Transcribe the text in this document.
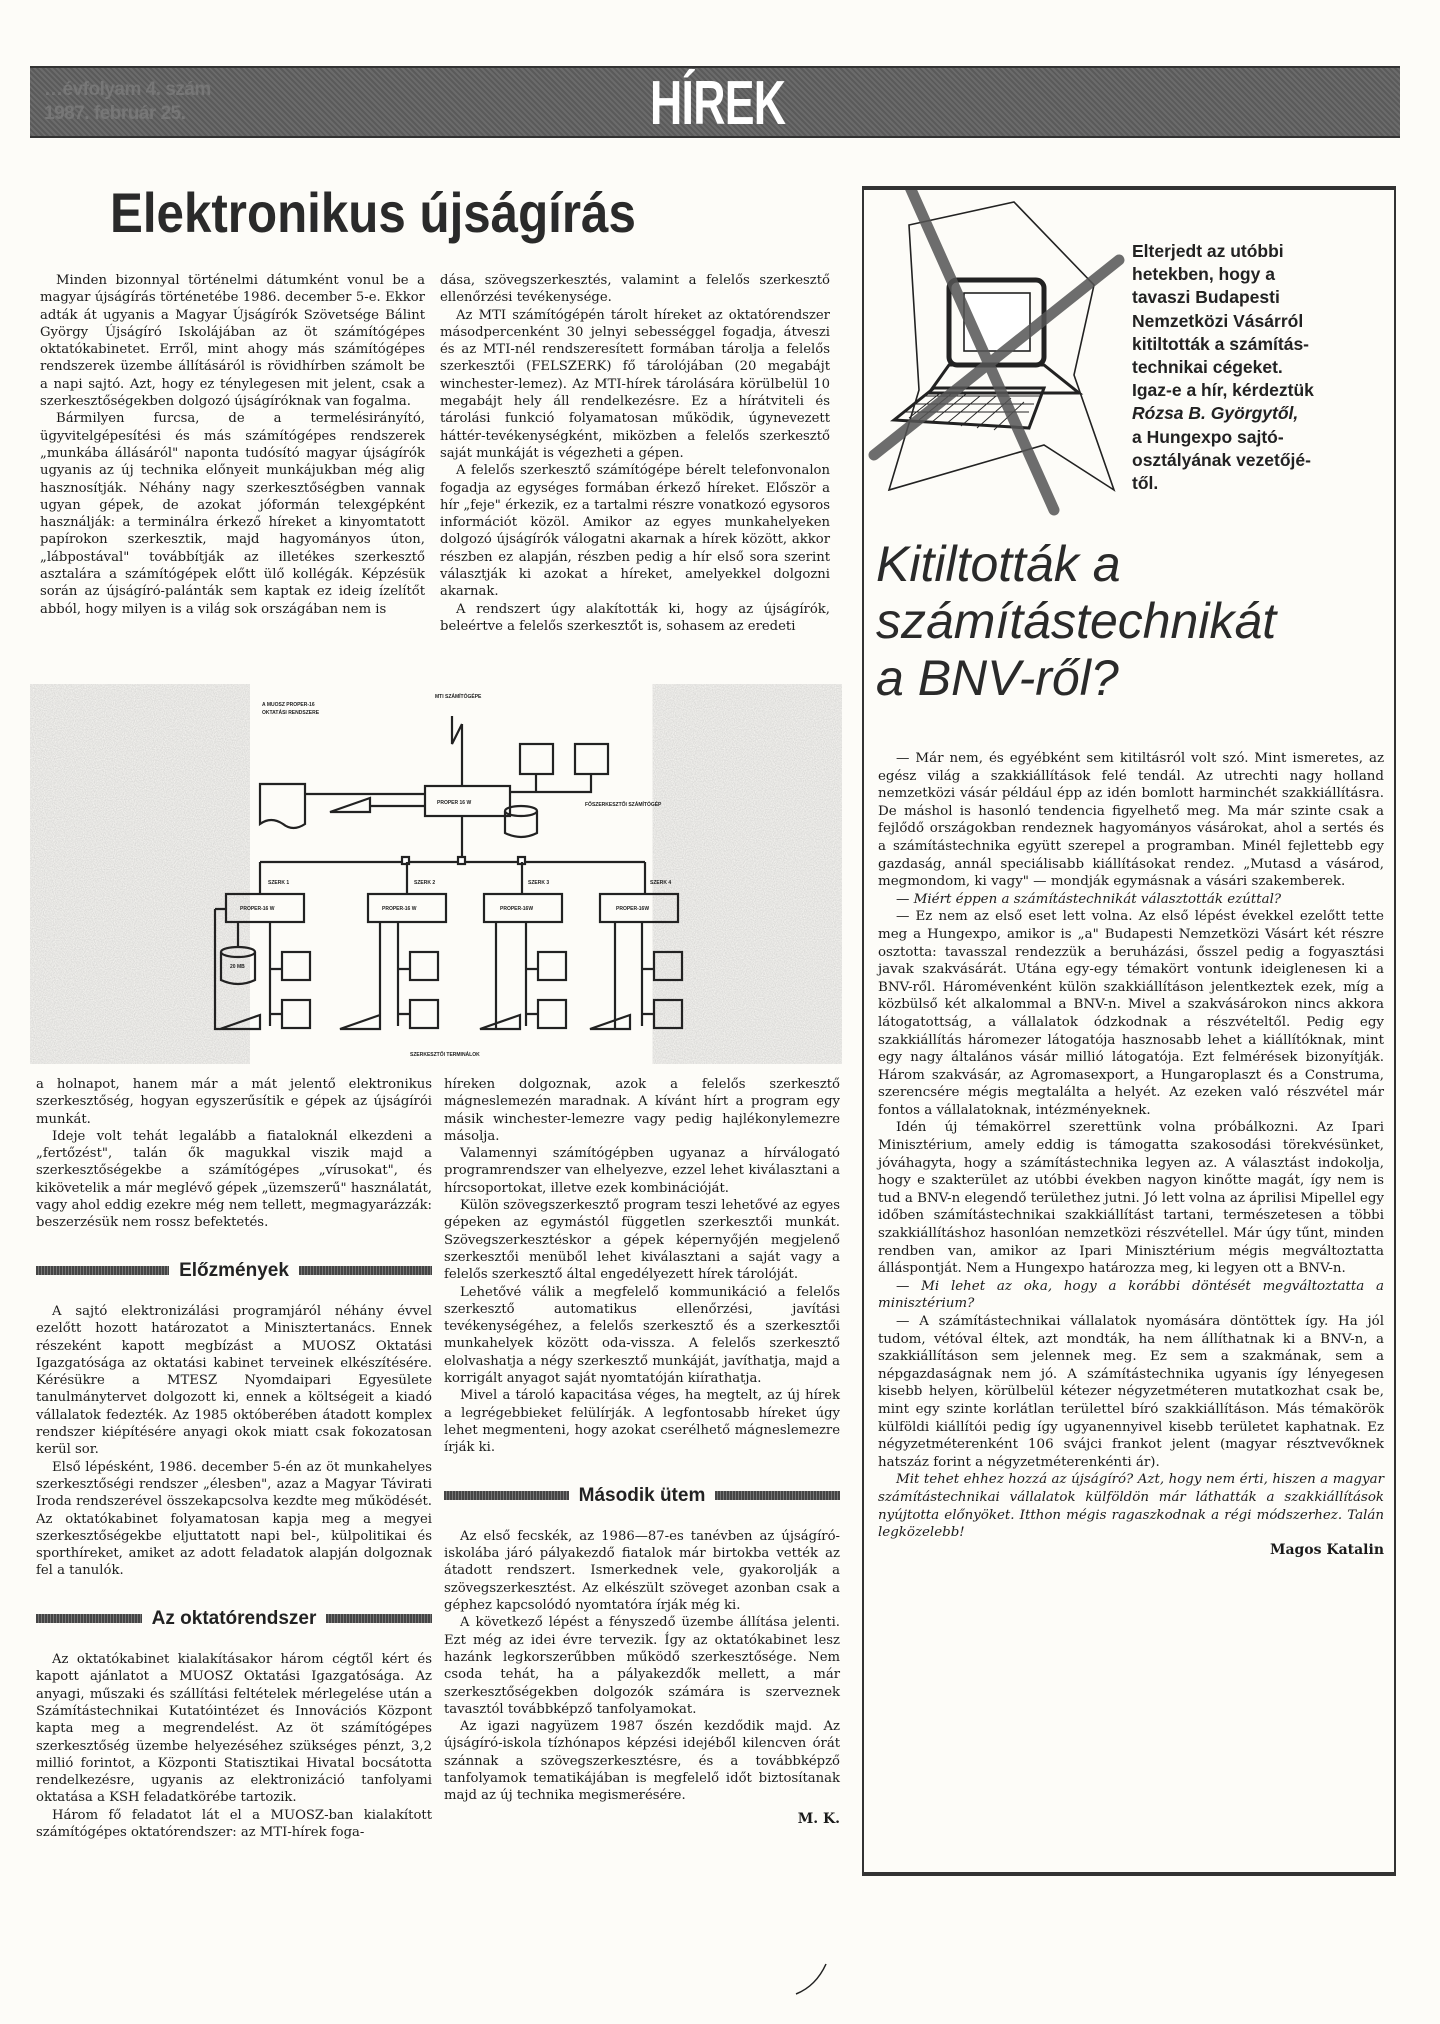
…évfolyam 4. szám
1987. február 25.	HÍREK
Elektronikus újságírás

Minden bizonnyal történelmi dátumként vonul be a magyar újságírás történetébe 1986. december 5-e. Ekkor adták át ugyanis a Magyar Újságírók Szövetsége Bálint György Újságíró Iskolájában az öt számítógépes oktatókabinetet. Erről, mint ahogy más számítógépes rendszerek üzembe állításáról is rövidhírben számolt be a napi sajtó. Azt, hogy ez ténylegesen mit jelent, csak a szerkesztőségekben dolgozó újságíróknak van fogalma.

Bármilyen furcsa, de a termelésirányító, ügyvitelgépesítési és más számítógépes rendszerek „munkába állásáról" naponta tudósító magyar újságírók ugyanis az új technika előnyeit munkájukban még alig hasznosítják. Néhány nagy szerkesztőségben vannak ugyan gépek, de azokat jóformán telexgépként használják: a terminálra érkező híreket a kinyomtatott papírokon szerkesztik, majd hagyományos úton, „lábpostával" továbbítják az illetékes szerkesztő asztalára a számítógépek előtt ülő kollégák. Képzésük során az újságíró-palánták sem kaptak ez ideig ízelítőt abból, hogy milyen is a világ sok országában nem is

dása, szövegszerkesztés, valamint a felelős szerkesztő ellenőrzési tevékenysége.

Az MTI számítógépén tárolt híreket az oktatórendszer másodpercenként 30 jelnyi sebességgel fogadja, átveszi és az MTI-nél rendszeresített formában tárolja a felelős szerkesztői (FELSZERK) fő tárolójában (20 megabájt winchester-lemez). Az MTI-hírek tárolására körülbelül 10 megabájt hely áll rendelkezésre. Ez a hírátviteli és tárolási funkció folyamatosan működik, úgynevezett háttér-tevékenységként, miközben a felelős szerkesztő saját munkáját is végezheti a gépen.

A felelős szerkesztő számítógépe bérelt telefonvonalon fogadja az egységes formában érkező híreket. Először a hír „feje" érkezik, ez a tartalmi részre vonatkozó egysoros információt közöl. Amikor az egyes munkahelyeken dolgozó újságírók válogatni akarnak a hírek között, akkor részben ez alapján, részben pedig a hír első sora szerint választják ki azokat a híreket, amelyekkel dolgozni akarnak.

A rendszert úgy alakították ki, hogy az újságírók, beleértve a felelős szerkesztőt is, sohasem az eredeti

A MUOSZ PROPER-16
OKTATÁSI RENDSZERE
MTI SZÁMÍTÓGÉPE
PROPER 16 W	FŐSZERKESZTŐI SZÁMÍTÓGÉP
SZERK 1	SZERK 2	SZERK 3	SZERK 4
PROPER-16 W	PROPER-16 W	PROPER-16W	PROPER-16W
20 MB
SZERKESZTŐI TERMINÁLOK

a holnapot, hanem már a mát jelentő elektronikus szerkesztőség, hogyan egyszerűsítik e gépek az újságírói munkát.

Ideje volt tehát legalább a fiataloknál elkezdeni a „fertőzést", talán ők magukkal viszik majd a szerkesztőségekbe a számítógépes „vírusokat", és kikövetelik a már meglévő gépek „üzemszerű" használatát, vagy ahol eddig ezekre még nem tellett, megmagyarázzák: beszerzésük nem rossz befektetés.

Előzmények

A sajtó elektronizálási programjáról néhány évvel ezelőtt hozott határozatot a Minisztertanács. Ennek részeként kapott megbízást a MUOSZ Oktatási Igazgatósága az oktatási kabinet terveinek elkészítésére. Kérésükre a MTESZ Nyomdaipari Egyesülete tanulmánytervet dolgozott ki, ennek a költségeit a kiadó vállalatok fedezték. Az 1985 októberében átadott komplex rendszer kiépítésére anyagi okok miatt csak fokozatosan kerül sor.

Első lépésként, 1986. december 5-én az öt munkahelyes szerkesztőségi rendszer „élesben", azaz a Magyar Távirati Iroda rendszerével összekapcsolva kezdte meg működését. Az oktatókabinet folyamatosan kapja meg a megyei szerkesztőségekbe eljuttatott napi bel-, külpolitikai és sporthíreket, amiket az adott feladatok alapján dolgoznak fel a tanulók.

Az oktatórendszer

Az oktatókabinet kialakításakor három cégtől kért és kapott ajánlatot a MUOSZ Oktatási Igazgatósága. Az anyagi, műszaki és szállítási feltételek mérlegelése után a Számítástechnikai Kutatóintézet és Innovációs Központ kapta meg a megrendelést. Az öt számítógépes szerkesztőség üzembe helyezéséhez szükséges pénzt, 3,2 millió forintot, a Központi Statisztikai Hivatal bocsátotta rendelkezésre, ugyanis az elektronizáció tanfolyami oktatása a KSH feladatkörébe tartozik.

Három fő feladatot lát el a MUOSZ-ban kialakított számítógépes oktatórendszer: az MTI-hírek foga-

híreken dolgoznak, azok a felelős szerkesztő mágneslemezén maradnak. A kívánt hírt a program egy másik winchester-lemezre vagy pedig hajlékonylemezre másolja.

Valamennyi számítógépben ugyanaz a hírválogató programrendszer van elhelyezve, ezzel lehet kiválasztani a hírcsoportokat, illetve ezek kombinációját.

Külön szövegszerkesztő program teszi lehetővé az egyes gépeken az egymástól független szerkesztői munkát. Szövegszerkesztéskor a gépek képernyőjén megjelenő szerkesztői menüből lehet kiválasztani a saját vagy a felelős szerkesztő által engedélyezett hírek tárolóját.

Lehetővé válik a megfelelő kommunikáció a felelős szerkesztő automatikus ellenőrzési, javítási tevékenységéhez, a felelős szerkesztő és a szerkesztői munkahelyek között oda-vissza. A felelős szerkesztő elolvashatja a négy szerkesztő munkáját, javíthatja, majd a korrigált anyagot saját nyomtatóján kiírathatja.

Mivel a tároló kapacitása véges, ha megtelt, az új hírek a legrégebbieket felülírják. A legfontosabb híreket úgy lehet megmenteni, hogy azokat cserélhető mágneslemezre írják ki.

Második ütem

Az első fecskék, az 1986—87-es tanévben az újságíró-iskolába járó pályakezdő fiatalok már birtokba vették az átadott rendszert. Ismerkednek vele, gyakorolják a szövegszerkesztést. Az elkészült szöveget azonban csak a géphez kapcsolódó nyomtatóra írják még ki.

A következő lépést a fényszedő üzembe állítása jelenti. Ezt még az idei évre tervezik. Így az oktatókabinet lesz hazánk legkorszerűbben működő szerkesztősége. Nem csoda tehát, ha a pályakezdők mellett, a már szerkesztőségekben dolgozók számára is szerveznek tavasztól továbbképző tanfolyamokat.

Az igazi nagyüzem 1987 őszén kezdődik majd. Az újságíró-iskola tízhónapos képzési idejéből kilencven órát szánnak a szövegszerkesztésre, és a továbbképző tanfolyamok tematikájában is megfelelő időt biztosítanak majd az új technika megismerésére.

M. K.
Elterjedt az utóbbi
hetekben, hogy a
tavaszi Budapesti
Nemzetközi Vásárról
kitiltották a számítás-
technikai cégeket.
Igaz-e a hír, kérdeztük
Rózsa B. Györgytől,
a Hungexpo sajtó-
osztályának vezetőjé-
től.
Kitiltották a
számítástechnikát
a BNV-ről?

— Már nem, és egyébként sem kitiltásról volt szó. Mint ismeretes, az egész világ a szakkiállítások felé tendál. Az utrechti nagy holland nemzetközi vásár például épp az idén bomlott harminchét szakkiállításra. De máshol is hasonló tendencia figyelhető meg. Ma már szinte csak a fejlődő országokban rendeznek hagyományos vásárokat, ahol a sertés és a számítástechnika együtt szerepel a programban. Minél fejlettebb egy gazdaság, annál speciálisabb kiállításokat rendez. „Mutasd a vásárod, megmondom, ki vagy" — mondják egymásnak a vásári szakemberek.

— Miért éppen a számítástechnikát választották ezúttal?

— Ez nem az első eset lett volna. Az első lépést évekkel ezelőtt tette meg a Hungexpo, amikor is „a" Budapesti Nemzetközi Vásárt két részre osztotta: tavasszal rendezzük a beruházási, ősszel pedig a fogyasztási javak szakvásárát. Utána egy-egy témakört vontunk ideiglenesen ki a BNV-ről. Háromévenként külön szakkiállításon jelentkeztek ezek, míg a közbülső két alkalommal a BNV-n. Mivel a szakvásárokon nincs akkora látogatottság, a vállalatok ódzkodnak a részvételtől. Pedig egy szakkiállítás háromezer látogatója hasznosabb lehet a kiállítóknak, mint egy nagy általános vásár millió látogatója. Ezt felmérések bizonyítják. Három szakvásár, az Agromasexport, a Hungaroplaszt és a Construma, szerencsére mégis megtalálta a helyét. Az ezeken való részvétel már fontos a vállalatoknak, intézményeknek.

Idén új témakörrel szerettünk volna próbálkozni. Az Ipari Minisztérium, amely eddig is támogatta szakosodási törekvésünket, jóváhagyta, hogy a számítástechnika legyen az. A választást indokolja, hogy e szakterület az utóbbi években nagyon kinőtte magát, így nem is tud a BNV-n elegendő területhez jutni. Jó lett volna az áprilisi Mipellel egy időben számítástechnikai szakkiállítást tartani, természetesen a többi szakkiállításhoz hasonlóan nemzetközi részvétellel. Már úgy tűnt, minden rendben van, amikor az Ipari Minisztérium mégis megváltoztatta álláspontját. Nem a Hungexpo határozza meg, ki legyen ott a BNV-n.

— Mi lehet az oka, hogy a korábbi döntését megváltoztatta a minisztérium?

— A számítástechnikai vállalatok nyomására döntöttek így. Ha jól tudom, vétóval éltek, azt mondták, ha nem állíthatnak ki a BNV-n, a szakkiállításon sem jelennek meg. Ez sem a szakmának, sem a népgazdaságnak nem jó. A számítástechnika ugyanis így lényegesen kisebb helyen, körülbelül kétezer négyzetméteren mutatkozhat csak be, mint egy szinte korlátlan területtel bíró szakkiállításon. Más témakörök külföldi kiállítói pedig így ugyanennyivel kisebb területet kaphatnak. Ez négyzetméterenként 106 svájci frankot jelent (magyar résztvevőknek hatszáz forint a négyzetméterenkénti ár).

Mit tehet ehhez hozzá az újságíró? Azt, hogy nem érti, hiszen a magyar számítástechnikai vállalatok külföldön már láthatták a szakkiállítások nyújtotta előnyöket. Itthon mégis ragaszkodnak a régi módszerhez. Talán legközelebb!

Magos Katalin
